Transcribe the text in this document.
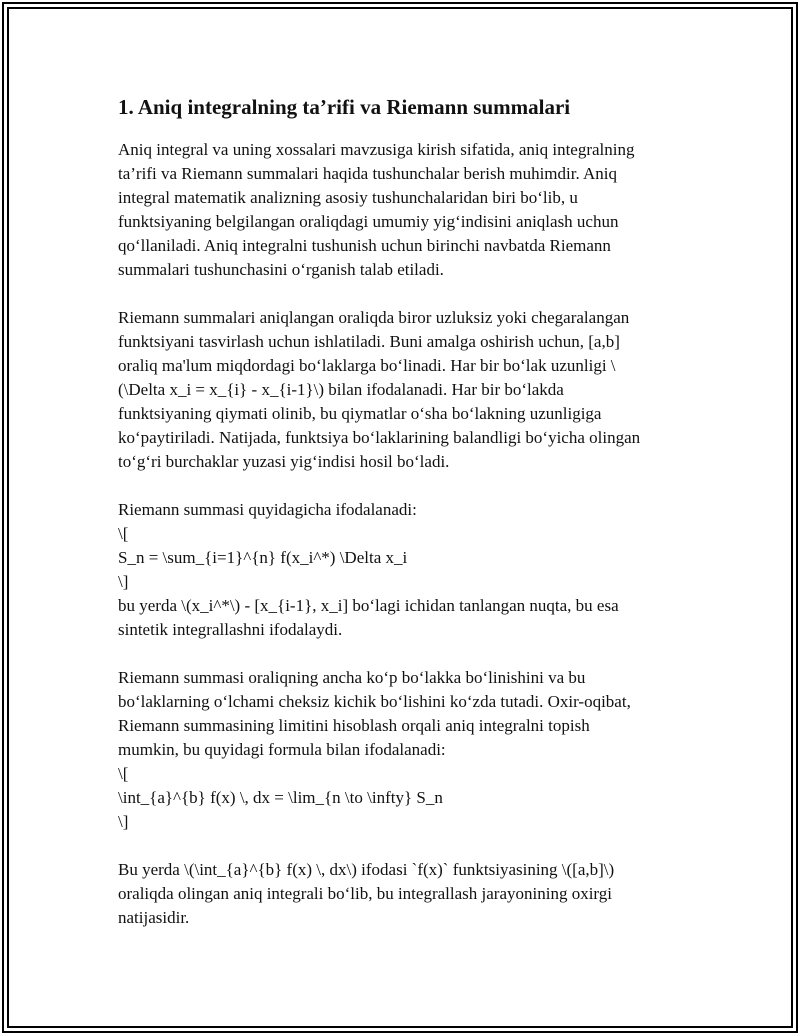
1. Aniq integralning ta’rifi va Riemann summalari

Aniq integral va uning xossalari mavzusiga kirish sifatida, aniq integralning
ta’rifi va Riemann summalari haqida tushunchalar berish muhimdir. Aniq
integral matematik analizning asosiy tushunchalaridan biri bo‘lib, u
funktsiyaning belgilangan oraliqdagi umumiy yig‘indisini aniqlash uchun
qo‘llaniladi. Aniq integralni tushunish uchun birinchi navbatda Riemann
summalari tushunchasini o‘rganish talab etiladi.

Riemann summalari aniqlangan oraliqda biror uzluksiz yoki chegaralangan
funktsiyani tasvirlash uchun ishlatiladi. Buni amalga oshirish uchun, [a,b]
oraliq ma'lum miqdordagi bo‘laklarga bo‘linadi. Har bir bo‘lak uzunligi \
(\Delta x_i = x_{i} - x_{i-1}\) bilan ifodalanadi. Har bir bo‘lakda
funktsiyaning qiymati olinib, bu qiymatlar o‘sha bo‘lakning uzunligiga
ko‘paytiriladi. Natijada, funktsiya bo‘laklarining balandligi bo‘yicha olingan
to‘g‘ri burchaklar yuzasi yig‘indisi hosil bo‘ladi.

Riemann summasi quyidagicha ifodalanadi:
\[
S_n = \sum_{i=1}^{n} f(x_i^*) \Delta x_i
\]
bu yerda \(x_i^*\) - [x_{i-1}, x_i] bo‘lagi ichidan tanlangan nuqta, bu esa
sintetik integrallashni ifodalaydi.

Riemann summasi oraliqning ancha ko‘p bo‘lakka bo‘linishini va bu
bo‘laklarning o‘lchami cheksiz kichik bo‘lishini ko‘zda tutadi. Oxir-oqibat,
Riemann summasining limitini hisoblash orqali aniq integralni topish
mumkin, bu quyidagi formula bilan ifodalanadi:
\[
\int_{a}^{b} f(x) \, dx = \lim_{n \to \infty} S_n
\]

Bu yerda \(\int_{a}^{b} f(x) \, dx\) ifodasi `f(x)` funktsiyasining \([a,b]\)
oraliqda olingan aniq integrali bo‘lib, bu integrallash jarayonining oxirgi
natijasidir.
